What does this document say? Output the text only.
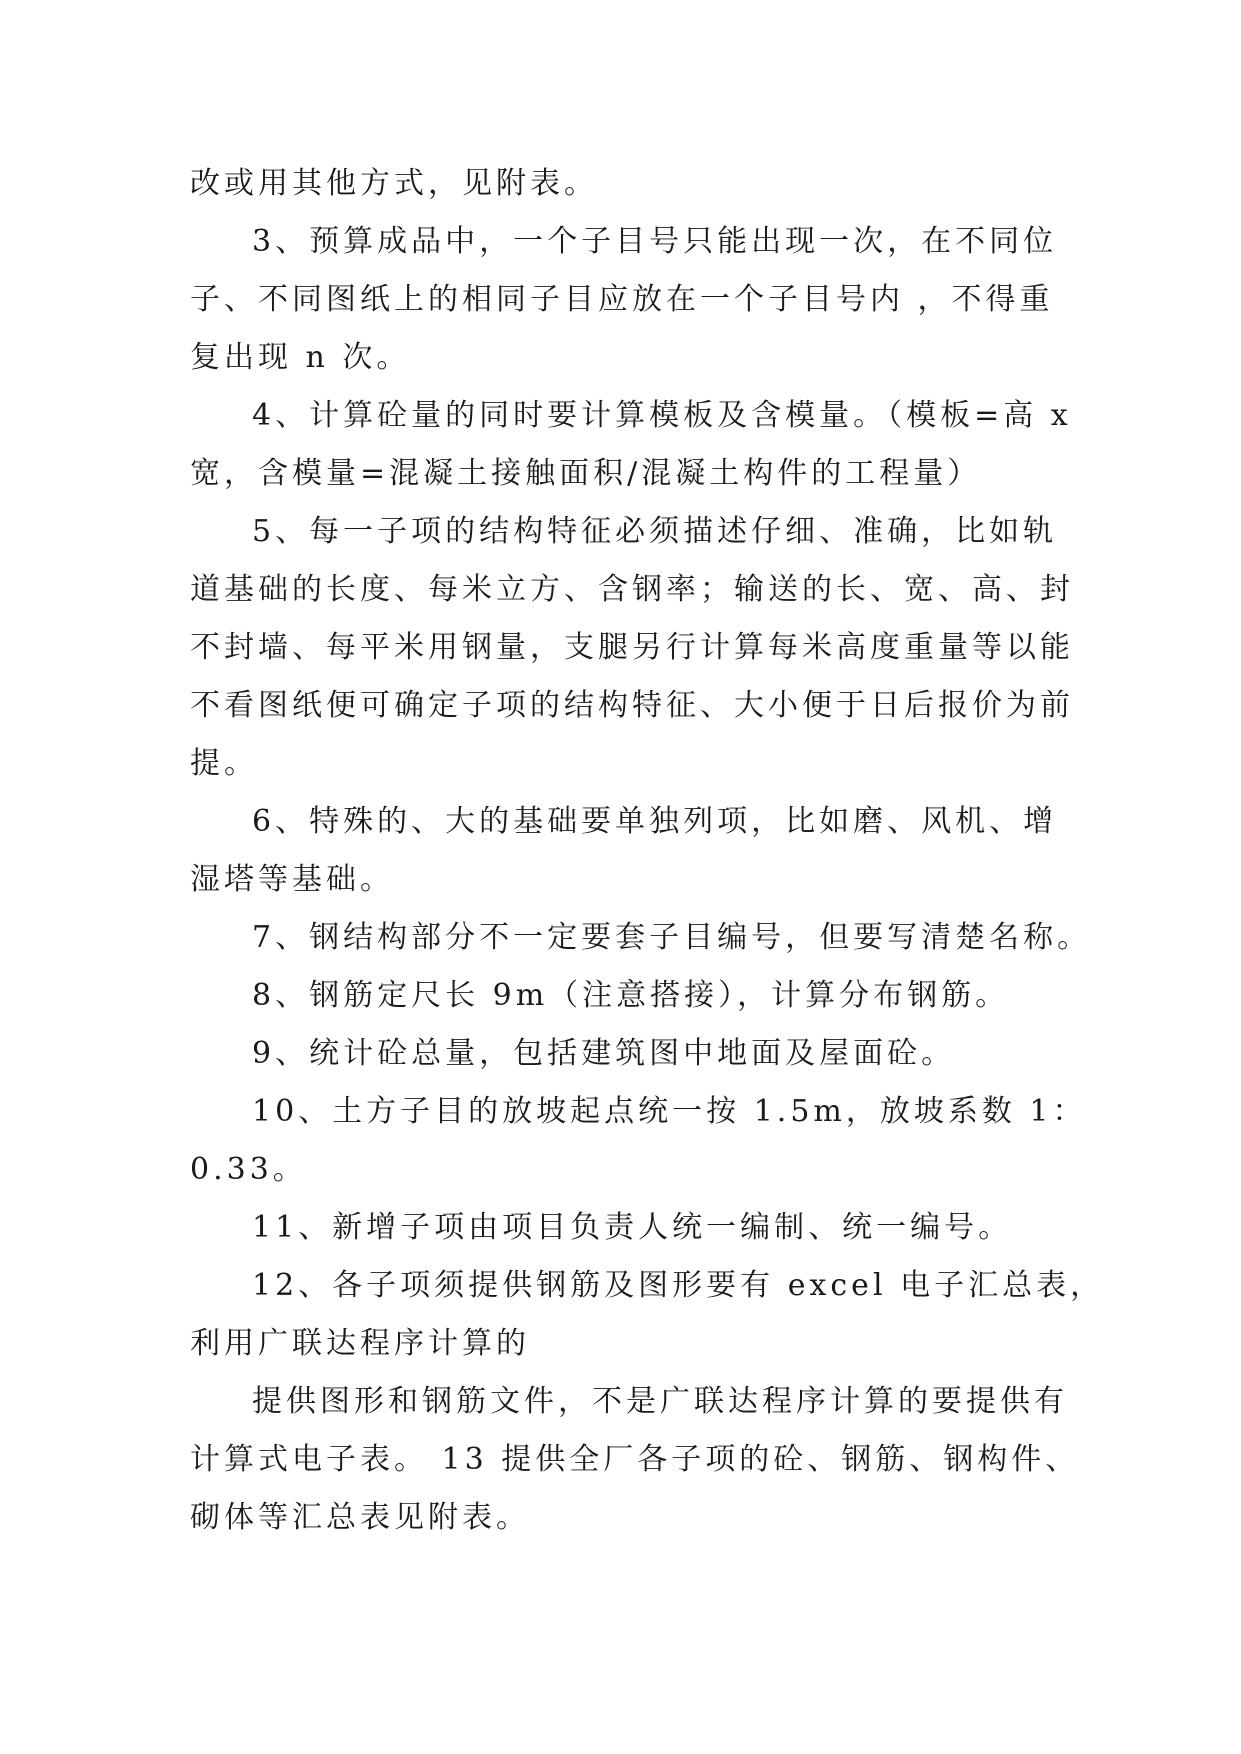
改或用其他方式，见附表。
3、预算成品中，一个子目号只能出现一次，在不同位
子、不同图纸上的相同子目应放在一个子目号内 ，不得重
复出现 n 次。
4、计算砼量的同时要计算模板及含模量。（模板=高 x
宽，含模量=混凝土接触面积/混凝土构件的工程量）
5、每一子项的结构特征必须描述仔细、准确，比如轨
道基础的长度、每米立方、含钢率；输送的长、宽、高、封
不封墙、每平米用钢量，支腿另行计算每米高度重量等以能
不看图纸便可确定子项的结构特征、大小便于日后报价为前
提。
6、特殊的、大的基础要单独列项，比如磨、风机、增
湿塔等基础。
7、钢结构部分不一定要套子目编号，但要写清楚名称。
8、钢筋定尺长 9m（注意搭接），计算分布钢筋。
9、统计砼总量，包括建筑图中地面及屋面砼。
10、土方子目的放坡起点统一按 1.5m，放坡系数 1：
0.33。
11、新增子项由项目负责人统一编制、统一编号。
12、各子项须提供钢筋及图形要有 excel 电子汇总表，
利用广联达程序计算的
提供图形和钢筋文件，不是广联达程序计算的要提供有
计算式电子表。 13 提供全厂各子项的砼、钢筋、钢构件、
砌体等汇总表见附表。
